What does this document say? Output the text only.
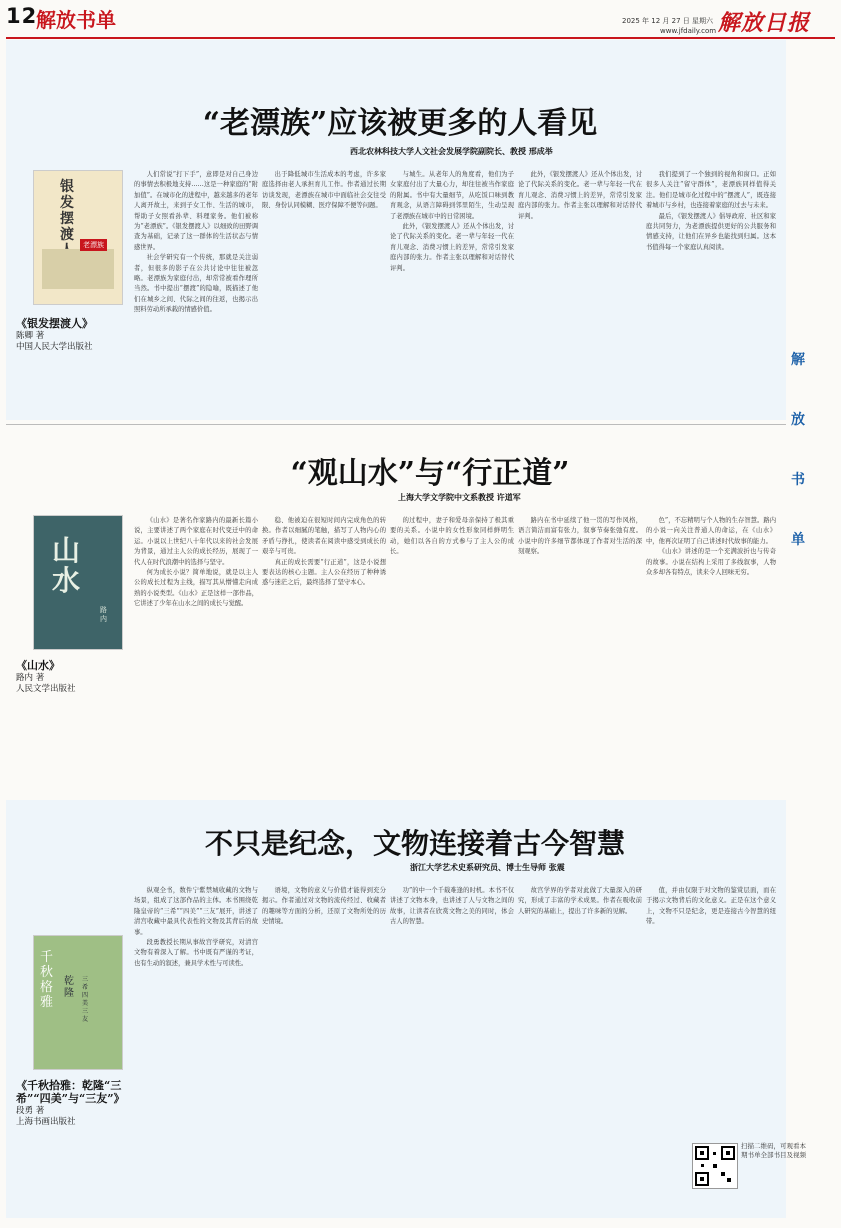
12
解放书单	2025 年 12 月 27 日 星期六
www.jfdaily.com 解放日报
解
放
书
单
“老漂族”应该被更多的人看见
西北农林科技大学人文社会发展学院副院长、教授 邢成举
银发摆渡
老漂族
《银发摆渡人》
陈卿 著
中国人民大学出版社

人们常说“打下手”，意即是对自己身边的事情去积极地支持……这是一种家庭的“附加值”。在城市化的进程中，越来越多的老年人离开故土，来到子女工作、生活的城市，帮助子女照看孙辈、料理家务。他们被称为“老漂族”。《银发摆渡人》以细致的田野调查为基础，记录了这一群体的生活状态与情感世界。

社会学研究有一个传统，那就是关注弱者，但很多的影子在公共讨论中往往被忽略。老漂族为家庭付出，却常常被看作理所当然。书中提出“摆渡”的隐喻，既描述了他们在城乡之间、代际之间的往返，也揭示出照料劳动所承载的情感价值。

出于降低城市生活成本的考虑，许多家庭选择由老人承担育儿工作。作者通过长期访谈发现，老漂族在城市中面临社会交往受限、身份认同模糊、医疗保障不便等问题。

与城生。从老年人的角度看，他们为子女家庭付出了大量心力，却往往被当作家庭的附属。书中有大量细节，从吃饭口味到教育观念，从语言障碍到邻里陌生，生动呈现了老漂族在城市中的日常困境。

此外，《银发摆渡人》还从个体出发，讨论了代际关系的变化。老一辈与年轻一代在育儿观念、消费习惯上的差异，常常引发家庭内部的张力。作者主张以理解和对话替代评判。

此外，《银发摆渡人》还从个体出发，讨论了代际关系的变化。老一辈与年轻一代在育儿观念、消费习惯上的差异，常常引发家庭内部的张力。作者主张以理解和对话替代评判。

我们提到了一个独到的视角和窗口。正如很多人关注“留守群体”，老漂族同样值得关注。他们是城市化过程中的“摆渡人”，既连接着城市与乡村，也连接着家庭的过去与未来。

最后，《银发摆渡人》倡导政府、社区和家庭共同努力，为老漂族提供更好的公共服务和情感支持，让他们在异乡也能找到归属。这本书值得每一个家庭认真阅读。

“观山水”与“行正道”
上海大学文学院中文系教授 许道军
山水
路内
《山水》
路内 著
人民文学出版社

《山水》是著名作家路内的最新长篇小说，主要讲述了两个家庭在时代变迁中的命运。小说以上世纪八十年代以来的社会发展为背景，通过主人公的成长经历，展现了一代人在时代浪潮中的选择与坚守。

何为成长小说？简单地说，就是以主人公的成长过程为主线，描写其从懵懂走向成熟的小说类型。《山水》正是这样一部作品，它讲述了少年在山水之间的成长与觉醒。

稳、他被迫在很短时间内完成角色的转换。作者以细腻的笔触，描写了人物内心的矛盾与挣扎，使读者在阅读中感受到成长的艰辛与可贵。

真正的成长需要“行正道”，这是小说想要表达的核心主题。主人公在经历了种种诱惑与迷茫之后，最终选择了坚守本心。

的过程中，妻子和爱母亲保持了极其重要的关系。小说中的女性形象同样鲜明生动，她们以各自的方式参与了主人公的成长。

路内在书中延续了他一贯的写作风格，语言简洁而富有张力，叙事节奏张弛有度。小说中的许多细节都体现了作者对生活的深刻观察。

色”，不忘精明与个人物的生存智慧。路内的小说一向关注普通人的命运，在《山水》中，他再次证明了自己讲述时代故事的能力。

《山水》讲述的是一个充满波折也与传奇的故事。小说在结构上采用了多线叙事，人物众多却各有特点，读来令人回味无穷。

不只是纪念，文物连接着古今智慧
浙江大学艺术史系研究员、博士生导师 张震
千秋 格 雅
乾隆
三希 四美 三友
《千秋拾雅：乾隆“三希”“四美”与“三友”》
段勇 著
上海书画出版社

纵观全书，数件宁紫禁城收藏的文物与场景，组成了这部作品的主体。本书围绕乾隆皇帝的“三希”“四美”“三友”展开，讲述了清宫收藏中最具代表性的文物及其背后的故事。

段勇教授长期从事故宫学研究，对清宫文物有着深入了解。书中既有严谨的考证，也有生动的叙述，兼具学术性与可读性。

语境，文物的意义与价值才能得到充分揭示。作者通过对文物的流传经过、收藏者的趣味等方面的分析，还原了文物所处的历史情境。

功”的中一个千载难逢的时机。本书不仅讲述了文物本身，也讲述了人与文物之间的故事，让读者在欣赏文物之美的同时，体会古人的智慧。

故宫学界的学者对此做了大量深入的研究，形成了丰富的学术成果。作者在吸收前人研究的基础上，提出了许多新的见解。

值，并由仅限于对文物的鉴赏层面，而在于揭示文物背后的文化意义。正是在这个意义上，文物不只是纪念，更是连接古今智慧的纽带。

扫描二维码，可观看本期书单全部书目及视频
